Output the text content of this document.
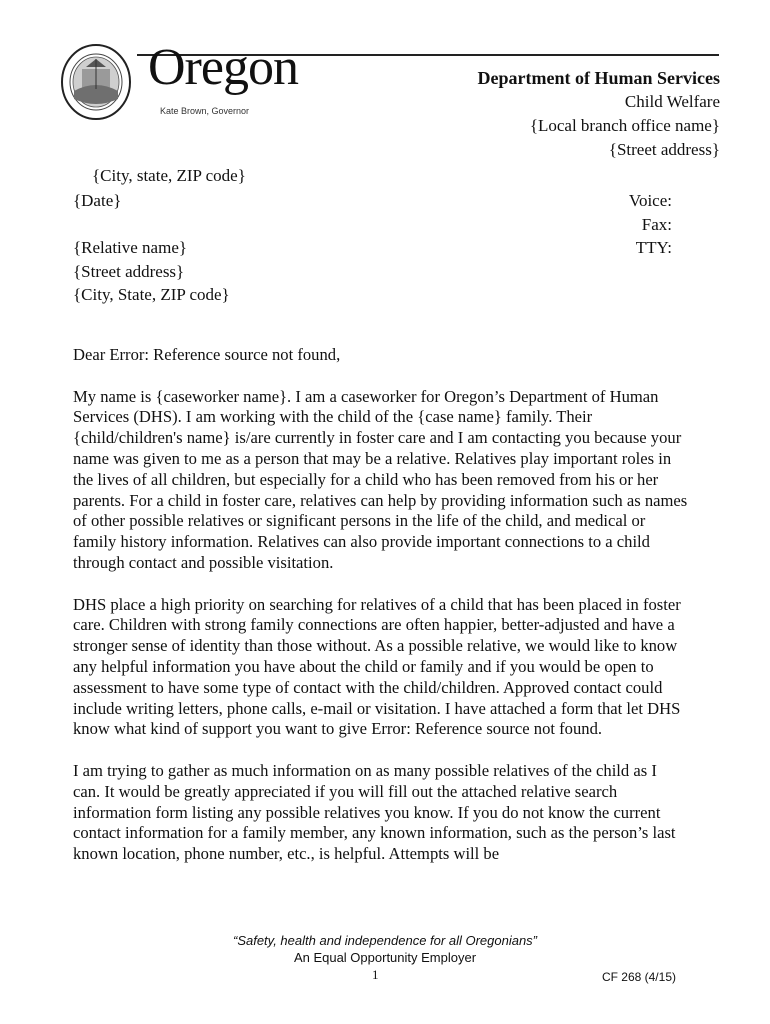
Oregon
Kate Brown, Governor
Department of Human Services
Child Welfare
{Local branch office name}
{Street address}
{City, state, ZIP code}
Voice:
Fax:
TTY:
{Date}

{Relative name}
{Street address}
{City, State, ZIP code}

Dear Error: Reference source not found,

My name is {caseworker name}. I am a caseworker for Oregon’s Department of Human Services (DHS). I am working with the child of the {case name} family. Their {child/children's name} is/are currently in foster care and I am contacting you because your name was given to me as a person that may be a relative. Relatives play important roles in the lives of all children, but especially for a child who has been removed from his or her parents. For a child in foster care, relatives can help by providing information such as names of other possible relatives or significant persons in the life of the child, and medical or family history information. Relatives can also provide important connections to a child through contact and possible visitation.

DHS place a high priority on searching for relatives of a child that has been placed in foster care. Children with strong family connections are often happier, better-adjusted and have a stronger sense of identity than those without. As a possible relative, we would like to know any helpful information you have about the child or family and if you would be open to assessment to have some type of contact with the child/children. Approved contact could include writing letters, phone calls, e-mail or visitation. I have attached a form that let DHS know what kind of support you want to give Error: Reference source not found.

I am trying to gather as much information on as many possible relatives of the child as I can. It would be greatly appreciated if you will fill out the attached relative search information form listing any possible relatives you know. If you do not know the current contact information for a family member, any known information, such as the person’s last known location, phone number, etc., is helpful. Attempts will be

“Safety, health and independence for all Oregonians”
An Equal Opportunity Employer
1	CF 268 (4/15)
